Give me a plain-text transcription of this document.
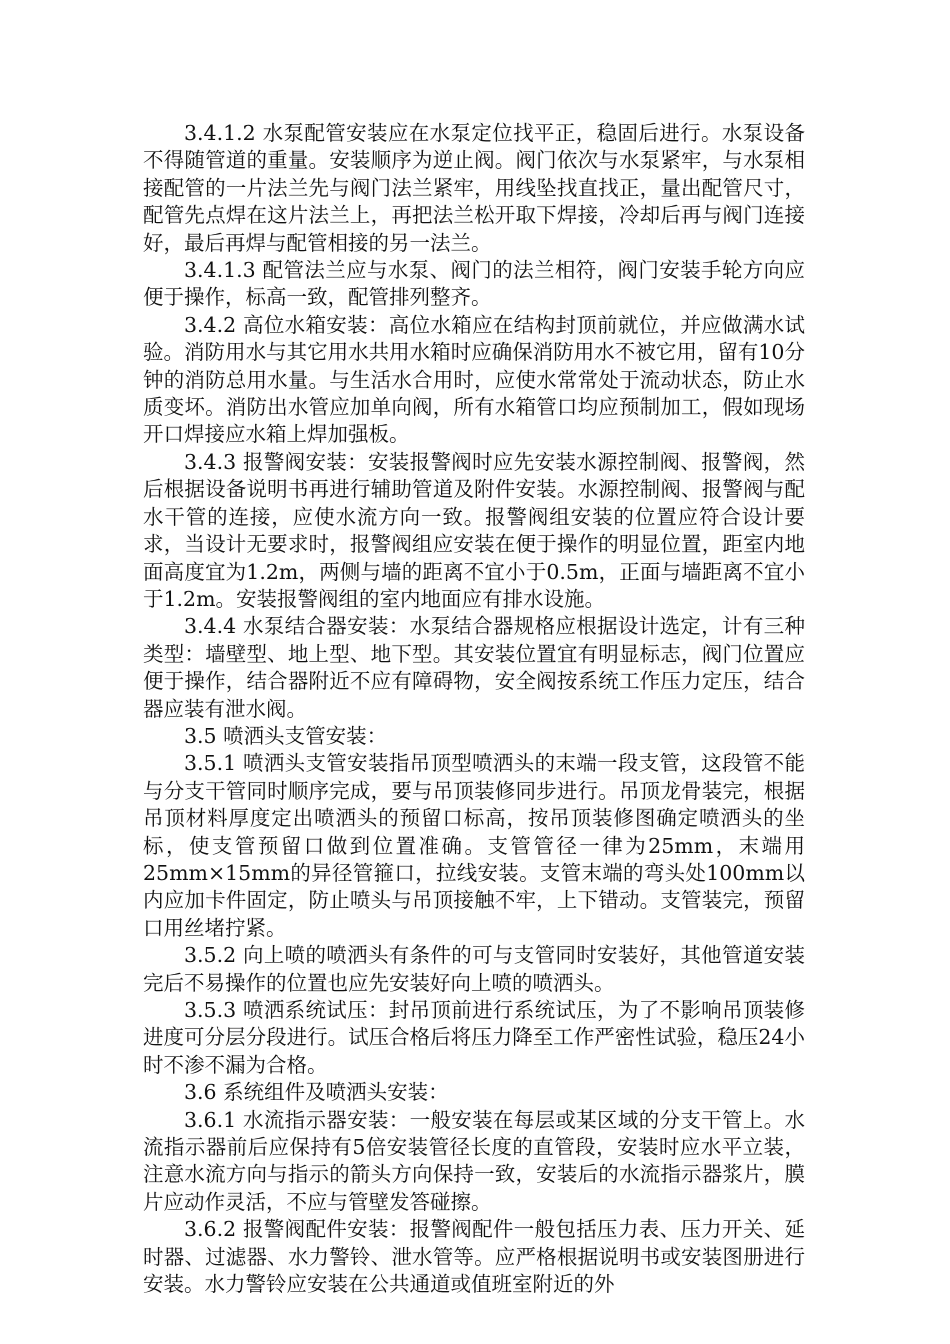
3.4.1.2 水泵配管安装应在水泵定位找平正，稳固后进行。水泵设备不得随管道的重量。安装顺序为逆止阀。阀门依次与水泵紧牢，与水泵相接配管的一片法兰先与阀门法兰紧牢，用线坠找直找正，量出配管尺寸，配管先点焊在这片法兰上，再把法兰松开取下焊接，冷却后再与阀门连接好，最后再焊与配管相接的另一法兰。

3.4.1.3 配管法兰应与水泵、阀门的法兰相符，阀门安装手轮方向应便于操作，标高一致，配管排列整齐。

3.4.2 高位水箱安装：高位水箱应在结构封顶前就位，并应做满水试验。消防用水与其它用水共用水箱时应确保消防用水不被它用，留有10分钟的消防总用水量。与生活水合用时，应使水常常处于流动状态，防止水质变坏。消防出水管应加单向阀，所有水箱管口均应预制加工，假如现场开口焊接应水箱上焊加强板。

3.4.3 报警阀安装：安装报警阀时应先安装水源控制阀、报警阀，然后根据设备说明书再进行辅助管道及附件安装。水源控制阀、报警阀与配水干管的连接，应使水流方向一致。报警阀组安装的位置应符合设计要求，当设计无要求时，报警阀组应安装在便于操作的明显位置，距室内地面高度宜为1.2m，两侧与墙的距离不宜小于0.5m，正面与墙距离不宜小于1.2m。安装报警阀组的室内地面应有排水设施。

3.4.4 水泵结合器安装：水泵结合器规格应根据设计选定，计有三种类型：墙壁型、地上型、地下型。其安装位置宜有明显标志，阀门位置应便于操作，结合器附近不应有障碍物，安全阀按系统工作压力定压，结合器应装有泄水阀。

3.5 喷洒头支管安装：

3.5.1 喷洒头支管安装指吊顶型喷洒头的末端一段支管，这段管不能与分支干管同时顺序完成，要与吊顶装修同步进行。吊顶龙骨装完，根据吊顶材料厚度定出喷洒头的预留口标高，按吊顶装修图确定喷洒头的坐标，使支管预留口做到位置准确。支管管径一律为25mm，末端用25mm×15mm的异径管箍口，拉线安装。支管末端的弯头处100mm以内应加卡件固定，防止喷头与吊顶接触不牢，上下错动。支管装完，预留口用丝堵拧紧。

3.5.2 向上喷的喷洒头有条件的可与支管同时安装好，其他管道安装完后不易操作的位置也应先安装好向上喷的喷洒头。

3.5.3 喷洒系统试压：封吊顶前进行系统试压，为了不影响吊顶装修进度可分层分段进行。试压合格后将压力降至工作严密性试验，稳压24小时不渗不漏为合格。

3.6 系统组件及喷洒头安装：

3.6.1 水流指示器安装：一般安装在每层或某区域的分支干管上。水流指示器前后应保持有5倍安装管径长度的直管段，安装时应水平立装，注意水流方向与指示的箭头方向保持一致，安装后的水流指示器浆片，膜片应动作灵活，不应与管壁发答碰擦。

3.6.2 报警阀配件安装：报警阀配件一般包括压力表、压力开关、延时器、过滤器、水力警铃、泄水管等。应严格根据说明书或安装图册进行安装。水力警铃应安装在公共通道或值班室附近的外
